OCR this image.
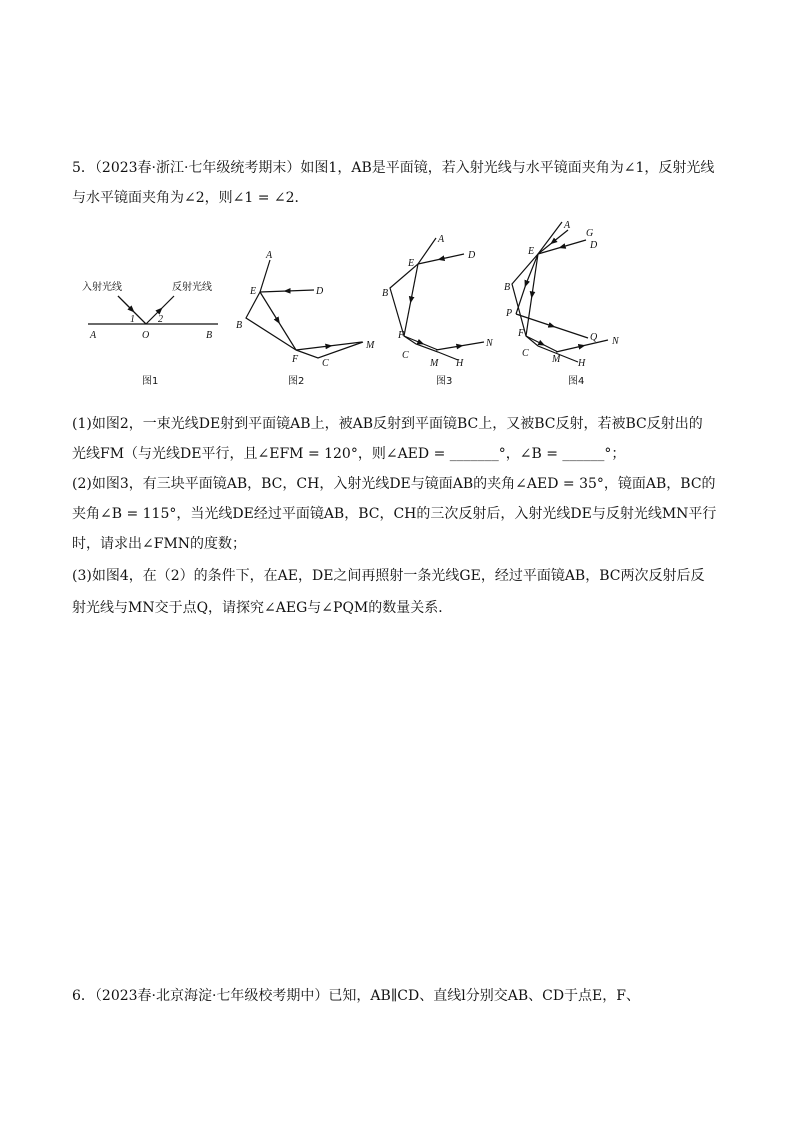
5．（2023春·浙江·七年级统考期末）如图1，AB是平面镜，若入射光线与水平镜面夹角为∠1，反射光线
与水平镜面夹角为∠2，则∠1 = ∠2．
入射光线	反射光线
A	O	B
1 2
图1
A
E	D
B
F C
M
图2
A
E
D
B
F
C
M H
N
图3
A
G
D
E
B
P
F	Q
C
M H
N
图4
(1)如图2，一束光线DE射到平面镜AB上，被AB反射到平面镜BC上，又被BC反射，若被BC反射出的
光线FM（与光线DE平行，且∠EFM = 120°，则∠AED = _______°，∠B = ______°；
(2)如图3，有三块平面镜AB，BC，CH，入射光线DE与镜面AB的夹角∠AED = 35°，镜面AB，BC的
夹角∠B = 115°，当光线DE经过平面镜AB，BC，CH的三次反射后，入射光线DE与反射光线MN平行
时，请求出∠FMN的度数；
(3)如图4，在（2）的条件下，在AE，DE之间再照射一条光线GE，经过平面镜AB，BC两次反射后反
射光线与MN交于点Q，请探究∠AEG与∠PQM的数量关系．
6．（2023春·北京海淀·七年级校考期中）已知，AB∥CD、直线l分别交AB、CD于点E，F、
